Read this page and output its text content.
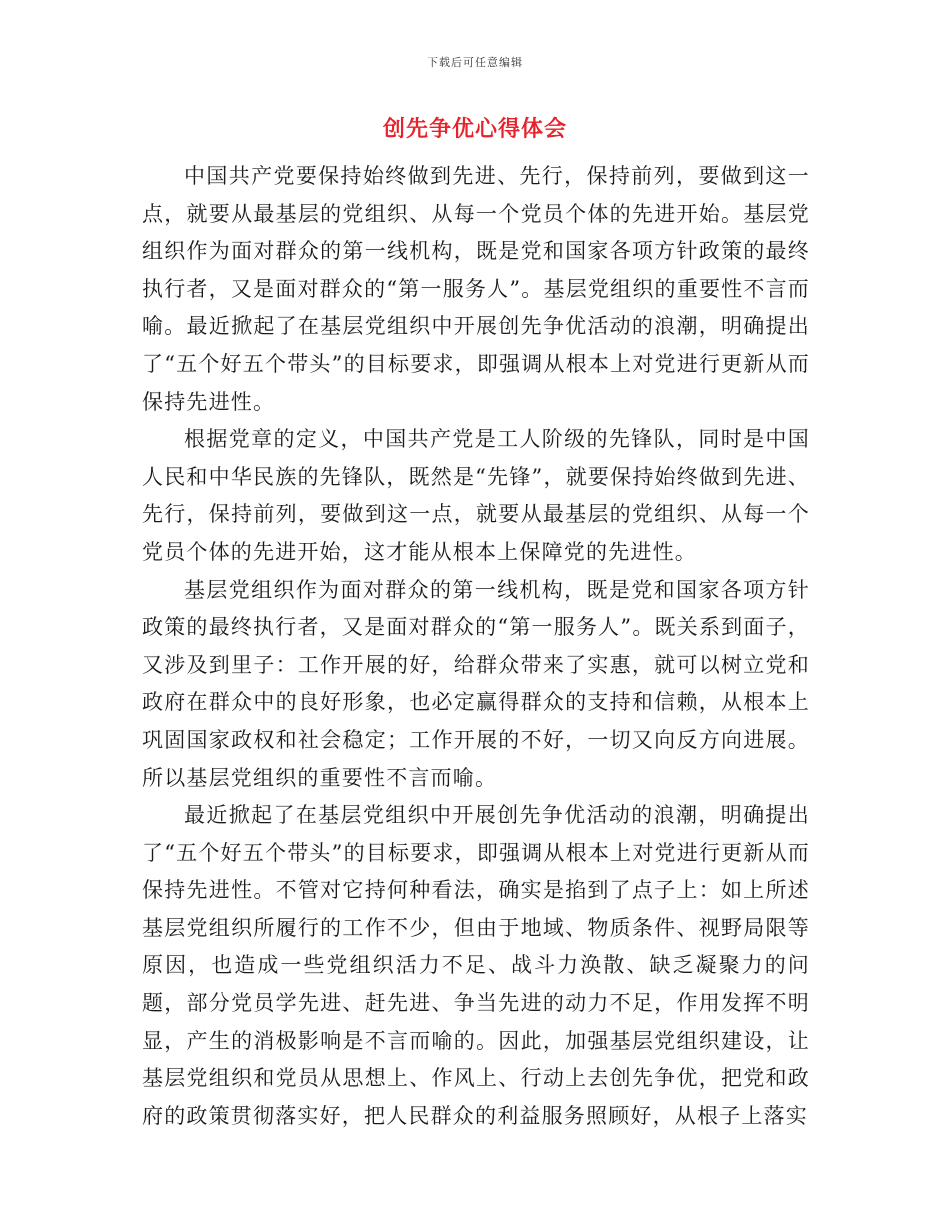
下载后可任意编辑
创先争优心得体会

中国共产党要保持始终做到先进、先行，保持前列，要做到这一点，就要从最基层的党组织、从每一个党员个体的先进开始。基层党组织作为面对群众的第一线机构，既是党和国家各项方针政策的最终执行者，又是面对群众的“第一服务人”。基层党组织的重要性不言而喻。最近掀起了在基层党组织中开展创先争优活动的浪潮，明确提出了“五个好五个带头”的目标要求，即强调从根本上对党进行更新从而保持先进性。

根据党章的定义，中国共产党是工人阶级的先锋队，同时是中国人民和中华民族的先锋队，既然是“先锋”，就要保持始终做到先进、先行，保持前列，要做到这一点，就要从最基层的党组织、从每一个党员个体的先进开始，这才能从根本上保障党的先进性。

基层党组织作为面对群众的第一线机构，既是党和国家各项方针政策的最终执行者，又是面对群众的“第一服务人”。既关系到面子，又涉及到里子：工作开展的好，给群众带来了实惠，就可以树立党和政府在群众中的良好形象，也必定赢得群众的支持和信赖，从根本上巩固国家政权和社会稳定；工作开展的不好，一切又向反方向进展。所以基层党组织的重要性不言而喻。

最近掀起了在基层党组织中开展创先争优活动的浪潮，明确提出了“五个好五个带头”的目标要求，即强调从根本上对党进行更新从而保持先进性。不管对它持何种看法，确实是掐到了点子上：如上所述基层党组织所履行的工作不少，但由于地域、物质条件、视野局限等原因，也造成一些党组织活力不足、战斗力涣散、缺乏凝聚力的问题，部分党员学先进、赶先进、争当先进的动力不足，作用发挥不明显，产生的消极影响是不言而喻的。因此，加强基层党组织建设，让基层党组织和党员从思想上、作风上、行动上去创先争优，把党和政府的政策贯彻落实好，把人民群众的利益服务照顾好，从根子上落实
